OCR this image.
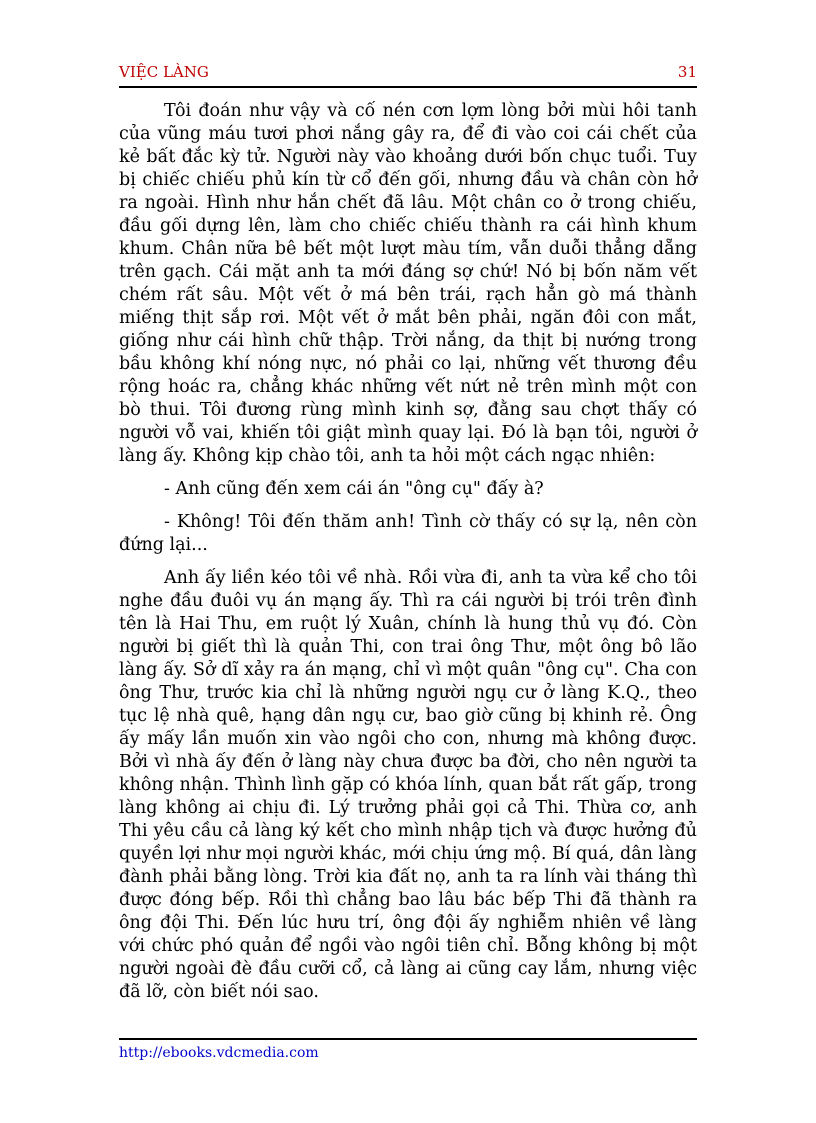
VIỆC LÀNG	31

Tôi đoán như vậy và cố nén cơn lợm lòng bởi mùi hôi tanh của vũng máu tươi phơi nắng gây ra, để đi vào coi cái chết của kẻ bất đắc kỳ tử. Người này vào khoảng dưới bốn chục tuổi. Tuy bị chiếc chiếu phủ kín từ cổ đến gối, nhưng đầu và chân còn hở ra ngoài. Hình như hắn chết đã lâu. Một chân co ở trong chiếu, đầu gối dựng lên, làm cho chiếc chiếu thành ra cái hình khum khum. Chân nữa bê bết một lượt màu tím, vẫn duỗi thẳng dẵng trên gạch. Cái mặt anh ta mới đáng sợ chứ! Nó bị bốn năm vết chém rất sâu. Một vết ở má bên trái, rạch hẳn gò má thành miếng thịt sắp rơi. Một vết ở mắt bên phải, ngăn đôi con mắt, giống như cái hình chữ thập. Trời nắng, da thịt bị nướng trong bầu không khí nóng nực, nó phải co lại, những vết thương đều rộng hoác ra, chẳng khác những vết nứt nẻ trên mình một con bò thui. Tôi đương rùng mình kinh sợ, đằng sau chợt thấy có người vỗ vai, khiến tôi giật mình quay lại. Đó là bạn tôi, người ở làng ấy. Không kịp chào tôi, anh ta hỏi một cách ngạc nhiên:

- Anh cũng đến xem cái án "ông cụ" đấy à?

- Không! Tôi đến thăm anh! Tình cờ thấy có sự lạ, nên còn đứng lại...

Anh ấy liền kéo tôi về nhà. Rồi vừa đi, anh ta vừa kể cho tôi nghe đầu đuôi vụ án mạng ấy. Thì ra cái người bị trói trên đình tên là Hai Thu, em ruột lý Xuân, chính là hung thủ vụ đó. Còn người bị giết thì là quản Thi, con trai ông Thư, một ông bô lão làng ấy. Sở dĩ xảy ra án mạng, chỉ vì một quân "ông cụ". Cha con ông Thư, trước kia chỉ là những người ngụ cư ở làng K.Q., theo tục lệ nhà quê, hạng dân ngụ cư, bao giờ cũng bị khinh rẻ. Ông ấy mấy lần muốn xin vào ngôi cho con, nhưng mà không được. Bởi vì nhà ấy đến ở làng này chưa được ba đời, cho nên người ta không nhận. Thình lình gặp có khóa lính, quan bắt rất gấp, trong làng không ai chịu đi. Lý trưởng phải gọi cả Thi. Thừa cơ, anh Thi yêu cầu cả làng ký kết cho mình nhập tịch và được hưởng đủ quyền lợi như mọi người khác, mới chịu ứng mộ. Bí quá, dân làng đành phải bằng lòng. Trời kia đất nọ, anh ta ra lính vài tháng thì được đóng bếp. Rồi thì chẳng bao lâu bác bếp Thi đã thành ra ông đội Thi. Đến lúc hưu trí, ông đội ấy nghiễm nhiên về làng với chức phó quản để ngồi vào ngôi tiên chỉ. Bỗng không bị một người ngoài đè đầu cưỡi cổ, cả làng ai cũng cay lắm, nhưng việc đã lỡ, còn biết nói sao.

http://ebooks.vdcmedia.com
